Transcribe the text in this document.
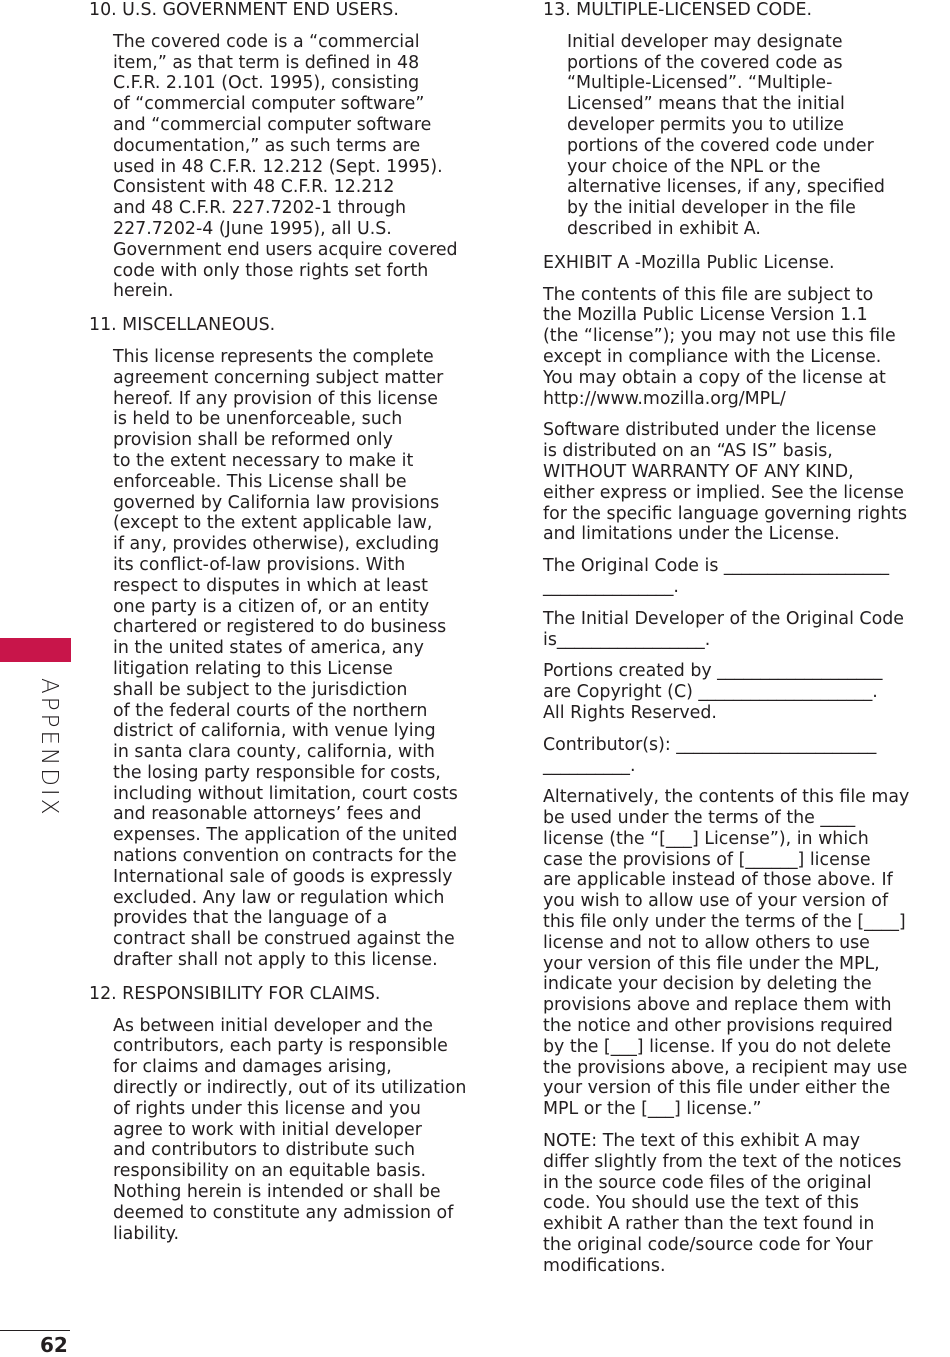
APPENDIX
62

10. U.S. GOVERNMENT END USERS.

The covered code is a “commercial
item,” as that term is defined in 48
C.F.R. 2.101 (Oct. 1995), consisting
of “commercial computer software”
and “commercial computer software
documentation,” as such terms are
used in 48 C.F.R. 12.212 (Sept. 1995).
Consistent with 48 C.F.R. 12.212
and 48 C.F.R. 227.7202-1 through
227.7202-4 (June 1995), all U.S.
Government end users acquire covered
code with only those rights set forth
herein.

11. MISCELLANEOUS.

This license represents the complete
agreement concerning subject matter
hereof. If any provision of this license
is held to be unenforceable, such
provision shall be reformed only
to the extent necessary to make it
enforceable. This License shall be
governed by California law provisions
(except to the extent applicable law,
if any, provides otherwise), excluding
its conflict-of-law provisions. With
respect to disputes in which at least
one party is a citizen of, or an entity
chartered or registered to do business
in the united states of america, any
litigation relating to this License
shall be subject to the jurisdiction
of the federal courts of the northern
district of california, with venue lying
in santa clara county, california, with
the losing party responsible for costs,
including without limitation, court costs
and reasonable attorneys’ fees and
expenses. The application of the united
nations convention on contracts for the
International sale of goods is expressly
excluded. Any law or regulation which
provides that the language of a
contract shall be construed against the
drafter shall not apply to this license.

12. RESPONSIBILITY FOR CLAIMS.

As between initial developer and the
contributors, each party is responsible
for claims and damages arising,
directly or indirectly, out of its utilization
of rights under this license and you
agree to work with initial developer
and contributors to distribute such
responsibility on an equitable basis.
Nothing herein is intended or shall be
deemed to constitute any admission of
liability.

13. MULTIPLE-LICENSED CODE.

Initial developer may designate
portions of the covered code as
“Multiple-Licensed”. “Multiple-
Licensed” means that the initial
developer permits you to utilize
portions of the covered code under
your choice of the NPL or the
alternative licenses, if any, specified
by the initial developer in the file
described in exhibit A.

EXHIBIT A -Mozilla Public License.

The contents of this file are subject to
the Mozilla Public License Version 1.1
(the “license”); you may not use this file
except in compliance with the License.
You may obtain a copy of the license at
http://www.mozilla.org/MPL/

Software distributed under the license
is distributed on an “AS IS” basis,
WITHOUT WARRANTY OF ANY KIND,
either express or implied. See the license
for the specific language governing rights
and limitations under the License.

The Original Code is ___________________
_______________.

The Initial Developer of the Original Code
is_________________.

Portions created by ___________________
are Copyright (C) ____________________.
All Rights Reserved.

Contributor(s): _______________________
__________.

Alternatively, the contents of this file may
be used under the terms of the ____
license (the “[___] License”), in which
case the provisions of [______] license
are applicable instead of those above. If
you wish to allow use of your version of
this file only under the terms of the [____]
license and not to allow others to use
your version of this file under the MPL,
indicate your decision by deleting the
provisions above and replace them with
the notice and other provisions required
by the [___] license. If you do not delete
the provisions above, a recipient may use
your version of this file under either the
MPL or the [___] license.”

NOTE: The text of this exhibit A may
differ slightly from the text of the notices
in the source code files of the original
code. You should use the text of this
exhibit A rather than the text found in
the original code/source code for Your
modifications.
